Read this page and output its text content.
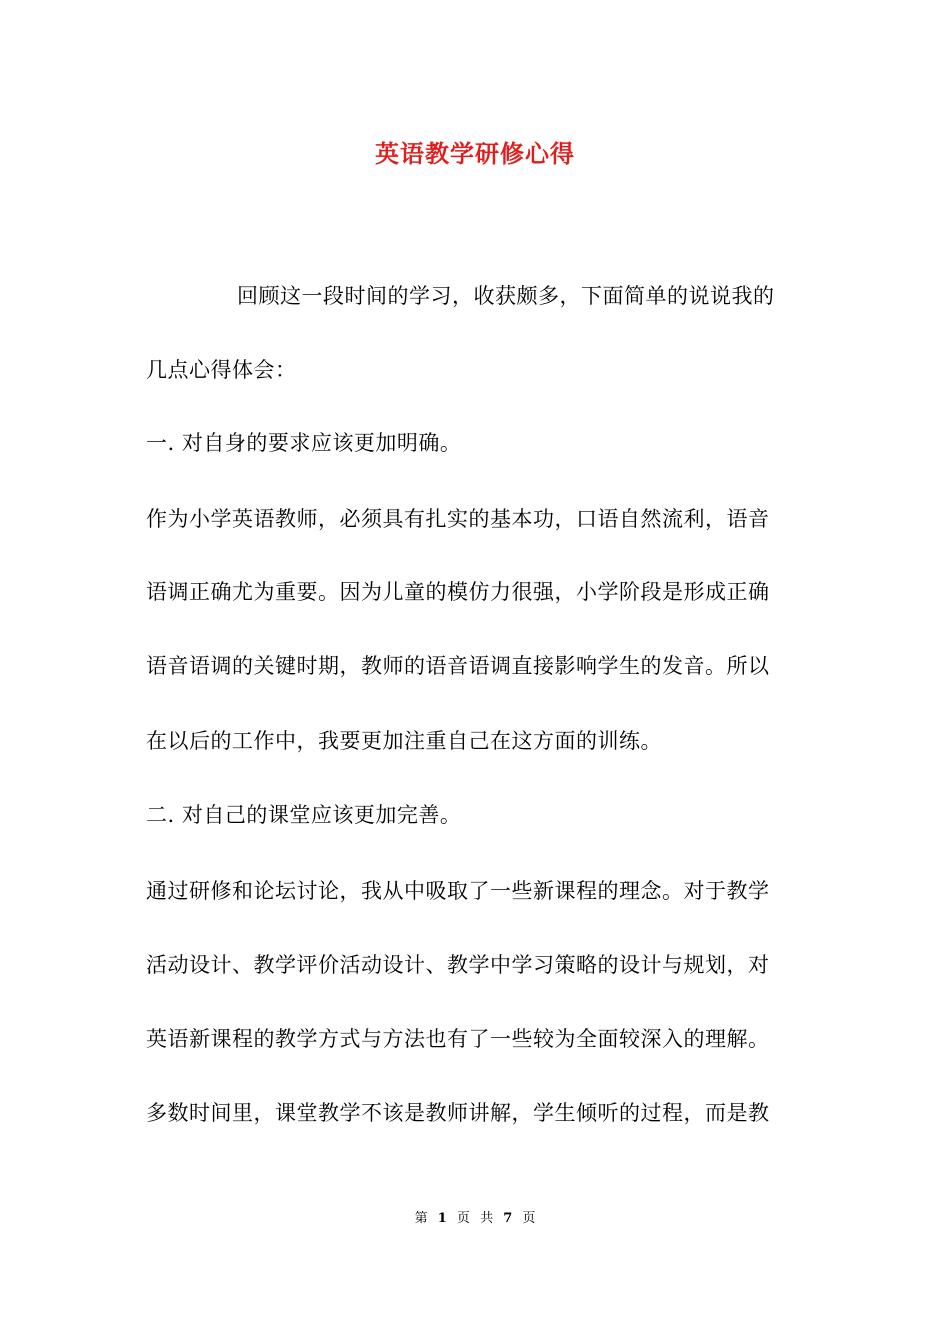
英语教学研修心得
回顾这一段时间的学习，收获颇多，下面简单的说说我的
几点心得体会：
一. 对自身的要求应该更加明确。
作为小学英语教师，必须具有扎实的基本功，口语自然流利，语音
语调正确尤为重要。因为儿童的模仿力很强，小学阶段是形成正确
语音语调的关键时期，教师的语音语调直接影响学生的发音。所以
在以后的工作中，我要更加注重自己在这方面的训练。
二. 对自己的课堂应该更加完善。
通过研修和论坛讨论，我从中吸取了一些新课程的理念。对于教学
活动设计、教学评价活动设计、教学中学习策略的设计与规划，对
英语新课程的教学方式与方法也有了一些较为全面较深入的理解。
多数时间里，课堂教学不该是教师讲解，学生倾听的过程，而是教
第 1 页 共 7 页
